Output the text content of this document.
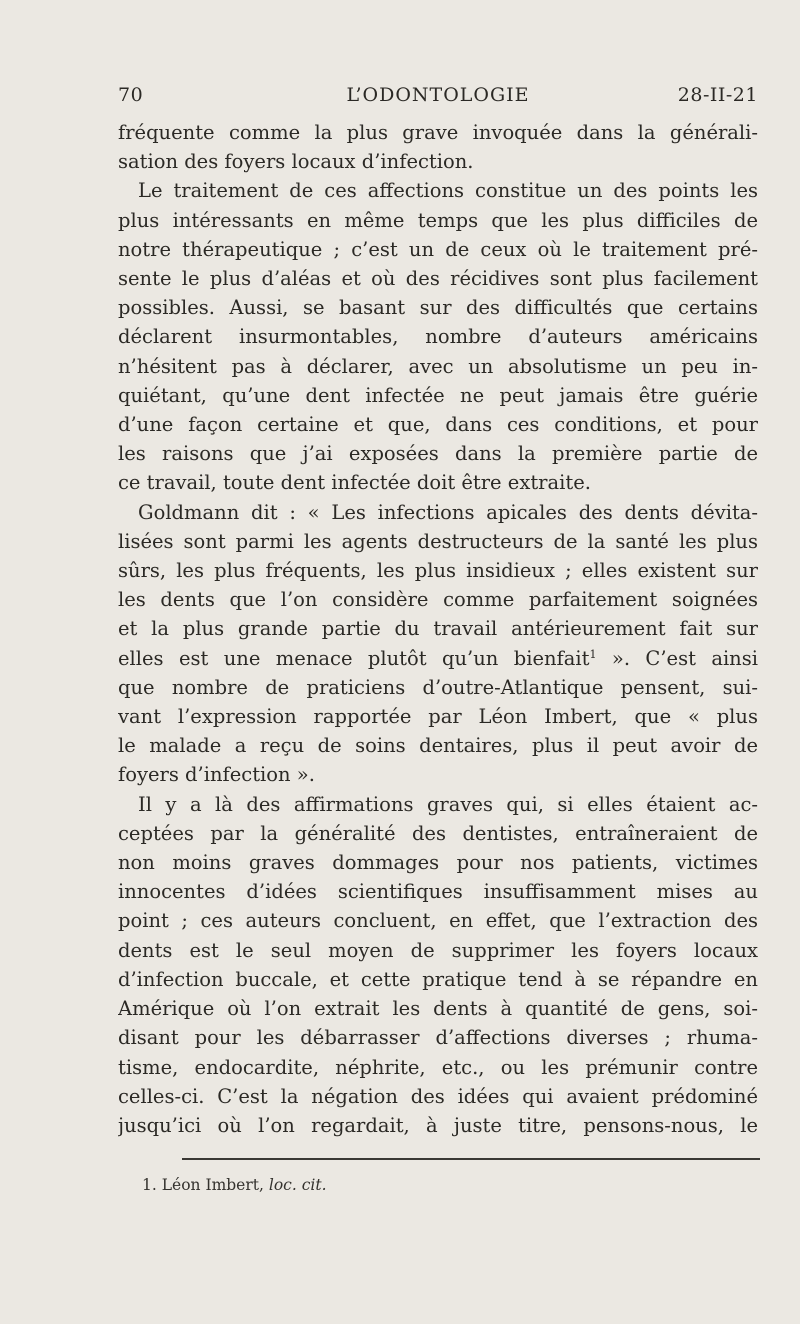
70	L’ODONTOLOGIE	28-II-21
fréquente comme la plus grave invoquée dans la générali-
sation des foyers locaux d’infection.
Le traitement de ces affections constitue un des points les
plus intéressants en même temps que les plus difficiles de
notre thérapeutique ; c’est un de ceux où le traitement pré-
sente le plus d’aléas et où des récidives sont plus facilement
possibles. Aussi, se basant sur des difficultés que certains
déclarent insurmontables, nombre d’auteurs américains
n’hésitent pas à déclarer, avec un absolutisme un peu in-
quiétant, qu’une dent infectée ne peut jamais être guérie
d’une façon certaine et que, dans ces conditions, et pour
les raisons que j’ai exposées dans la première partie de
ce travail, toute dent infectée doit être extraite.
Goldmann dit : « Les infections apicales des dents dévita-
lisées sont parmi les agents destructeurs de la santé les plus
sûrs, les plus fréquents, les plus insidieux ; elles existent sur
les dents que l’on considère comme parfaitement soignées
et la plus grande partie du travail antérieurement fait sur
elles est une menace plutôt qu’un bienfait$^1$ ». C’est ainsi
que nombre de praticiens d’outre-Atlantique pensent, sui-
vant l’expression rapportée par Léon Imbert, que « plus
le malade a reçu de soins dentaires, plus il peut avoir de
foyers d’infection ».
Il y a là des affirmations graves qui, si elles étaient ac-
ceptées par la généralité des dentistes, entraîneraient de
non moins graves dommages pour nos patients, victimes
innocentes d’idées scientifiques insuffisamment mises au
point ; ces auteurs concluent, en effet, que l’extraction des
dents est le seul moyen de supprimer les foyers locaux
d’infection buccale, et cette pratique tend à se répandre en
Amérique où l’on extrait les dents à quantité de gens, soi-
disant pour les débarrasser d’affections diverses ; rhuma-
tisme, endocardite, néphrite, etc., ou les prémunir contre
celles-ci. C’est la négation des idées qui avaient prédominé
jusqu’ici où l’on regardait, à juste titre, pensons-nous, le
1. Léon Imbert, loc. cit.
